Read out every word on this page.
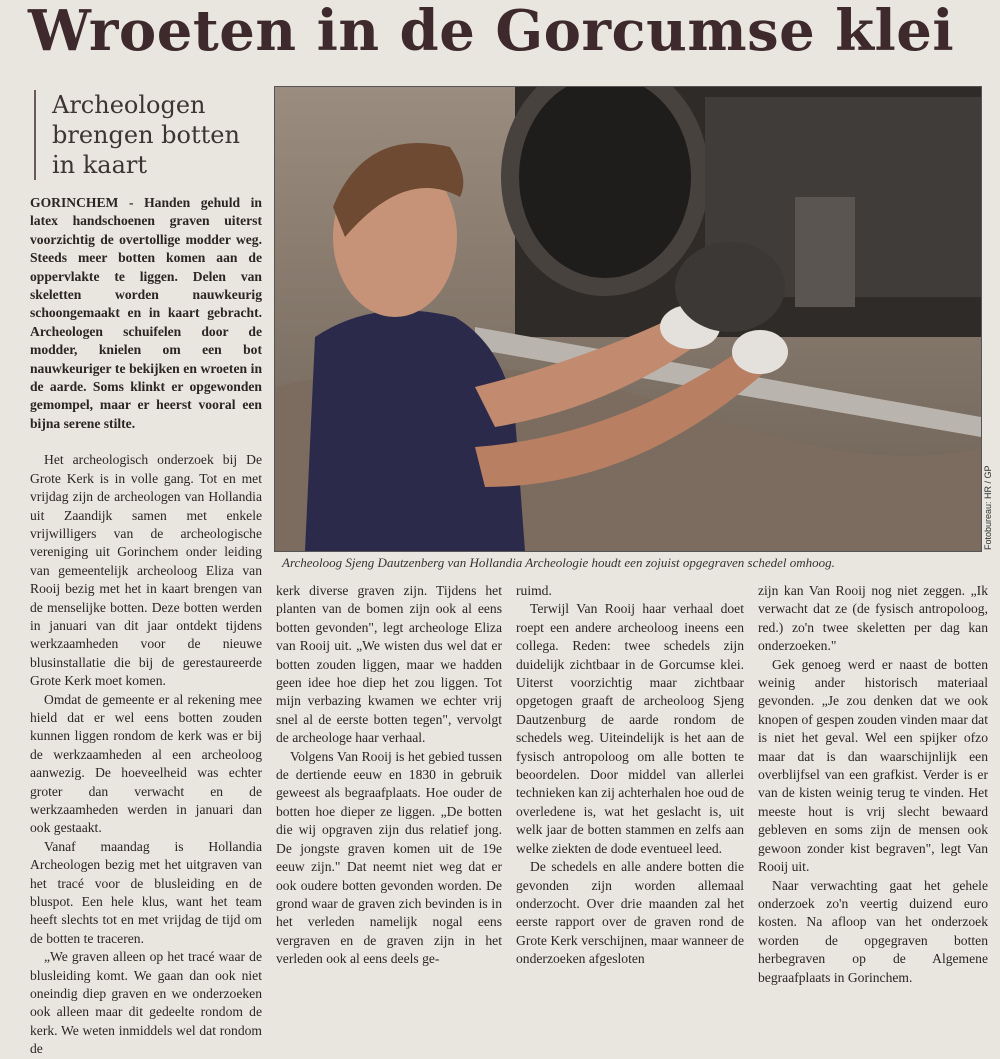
Wroeten in de Gorcumse klei
Archeologen
brengen botten
in kaart

GORINCHEM - Handen gehuld in latex handschoenen graven uiterst voorzichtig de overtollige modder weg. Steeds meer botten komen aan de oppervlakte te liggen. Delen van skeletten worden nauwkeurig schoongemaakt en in kaart gebracht. Archeologen schuifelen door de modder, knielen om een bot nauwkeuriger te bekijken en wroeten in de aarde. Soms klinkt er opgewonden gemompel, maar er heerst vooral een bijna serene stilte.

Het archeologisch onderzoek bij De Grote Kerk is in volle gang. Tot en met vrijdag zijn de archeologen van Hollandia uit Zaandijk samen met enkele vrijwilligers van de archeologische vereniging uit Gorinchem onder leiding van gemeentelijk archeoloog Eliza van Rooij bezig met het in kaart brengen van de menselijke botten. Deze botten werden in januari van dit jaar ontdekt tijdens werkzaamheden voor de nieuwe blusinstallatie die bij de gerestaureerde Grote Kerk moet komen.

Omdat de gemeente er al rekening mee hield dat er wel eens botten zouden kunnen liggen rondom de kerk was er bij de werkzaamheden al een archeoloog aanwezig. De hoeveelheid was echter groter dan verwacht en de werkzaamheden werden in januari dan ook gestaakt.

Vanaf maandag is Hollandia Archeologen bezig met het uitgraven van het tracé voor de blusleiding en de bluspot. Een hele klus, want het team heeft slechts tot en met vrijdag de tijd om de botten te traceren.

„We graven alleen op het tracé waar de blusleiding komt. We gaan dan ook niet oneindig diep graven en we onderzoeken ook alleen maar dit gedeelte rondom de kerk. We weten inmiddels wel dat rondom de

Fotobureau: HR / GP
Archeoloog Sjeng Dautzenberg van Hollandia Archeologie houdt een zojuist opgegraven schedel omhoog.

kerk diverse graven zijn. Tijdens het planten van de bomen zijn ook al eens botten gevonden", legt archeologe Eliza van Rooij uit. „We wisten dus wel dat er botten zouden liggen, maar we hadden geen idee hoe diep het zou liggen. Tot mijn verbazing kwamen we echter vrij snel al de eerste botten tegen", vervolgt de archeologe haar verhaal.

Volgens Van Rooij is het gebied tussen de dertiende eeuw en 1830 in gebruik geweest als begraafplaats. Hoe ouder de botten hoe dieper ze liggen. „De botten die wij opgraven zijn dus relatief jong. De jongste graven komen uit de 19e eeuw zijn." Dat neemt niet weg dat er ook oudere botten gevonden worden. De grond waar de graven zich bevinden is in het verleden namelijk nogal eens vergraven en de graven zijn in het verleden ook al eens deels ge-

ruimd.

Terwijl Van Rooij haar verhaal doet roept een andere archeoloog ineens een collega. Reden: twee schedels zijn duidelijk zichtbaar in de Gorcumse klei. Uiterst voorzichtig maar zichtbaar opgetogen graaft de archeoloog Sjeng Dautzenburg de aarde rondom de schedels weg. Uiteindelijk is het aan de fysisch antropoloog om alle botten te beoordelen. Door middel van allerlei technieken kan zij achterhalen hoe oud de overledene is, wat het geslacht is, uit welk jaar de botten stammen en zelfs aan welke ziekten de dode eventueel leed.

De schedels en alle andere botten die gevonden zijn worden allemaal onderzocht. Over drie maanden zal het eerste rapport over de graven rond de Grote Kerk verschijnen, maar wanneer de onderzoeken afgesloten

zijn kan Van Rooij nog niet zeggen. „Ik verwacht dat ze (de fysisch antropoloog, red.) zo'n twee skeletten per dag kan onderzoeken."

Gek genoeg werd er naast de botten weinig ander historisch materiaal gevonden. „Je zou denken dat we ook knopen of gespen zouden vinden maar dat is niet het geval. Wel een spijker ofzo maar dat is dan waarschijnlijk een overblijfsel van een grafkist. Verder is er van de kisten weinig terug te vinden. Het meeste hout is vrij slecht bewaard gebleven en soms zijn de mensen ook gewoon zonder kist begraven", legt Van Rooij uit.

Naar verwachting gaat het gehele onderzoek zo'n veertig duizend euro kosten. Na afloop van het onderzoek worden de opgegraven botten herbegraven op de Algemene begraafplaats in Gorinchem.
